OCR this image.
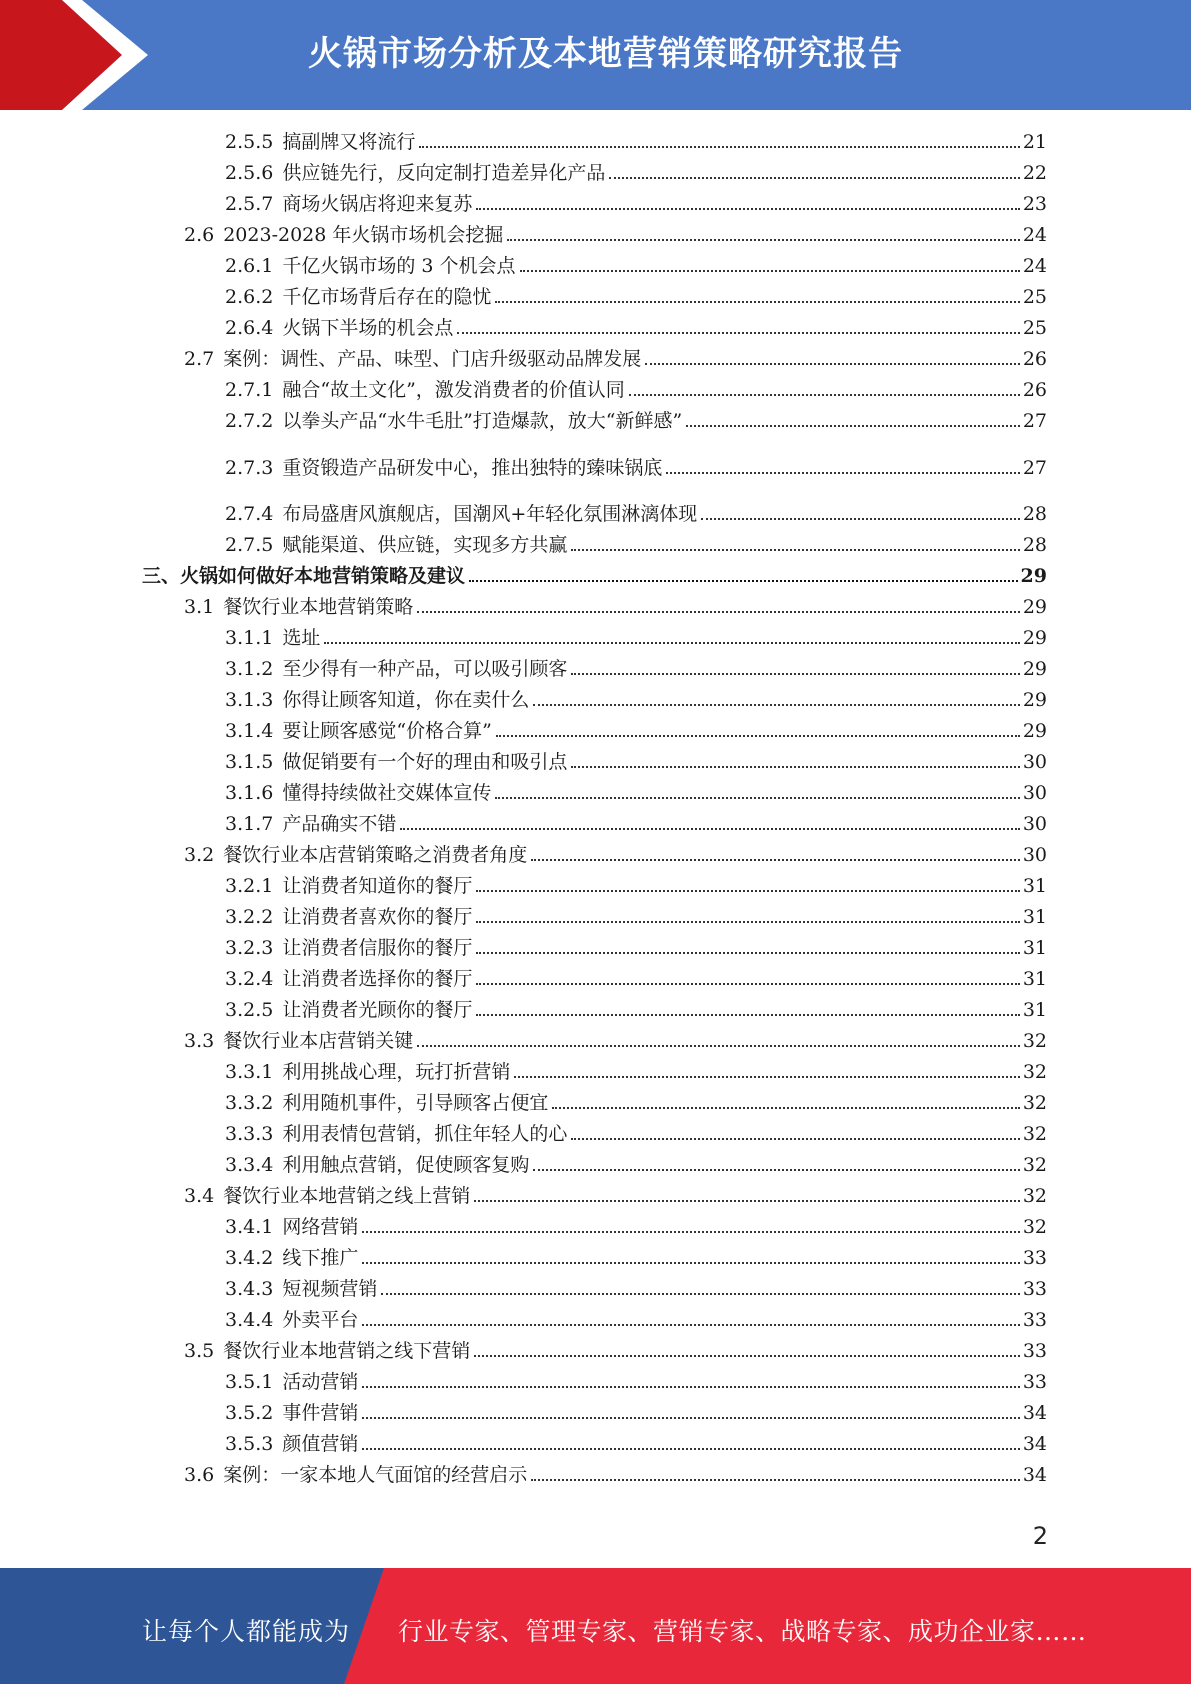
火锅市场分析及本地营销策略研究报告
2.5.5 搞副牌又将流行	21
2.5.6 供应链先行，反向定制打造差异化产品	22
2.5.7 商场火锅店将迎来复苏	23
2.6 2023-2028 年火锅市场机会挖掘	24
2.6.1 千亿火锅市场的 3 个机会点	24
2.6.2 千亿市场背后存在的隐忧	25
2.6.4 火锅下半场的机会点	25
2.7 案例：调性、产品、味型、门店升级驱动品牌发展	26
2.7.1 融合“故土文化”，激发消费者的价值认同	26
2.7.2 以拳头产品“水牛毛肚”打造爆款，放大“新鲜感”	27
2.7.3 重资锻造产品研发中心，推出独特的臻味锅底	27
2.7.4 布局盛唐风旗舰店，国潮风+年轻化氛围淋漓体现	28
2.7.5 赋能渠道、供应链，实现多方共赢	28
三、火锅如何做好本地营销策略及建议	29
3.1 餐饮行业本地营销策略	29
3.1.1 选址	29
3.1.2 至少得有一种产品，可以吸引顾客	29
3.1.3 你得让顾客知道，你在卖什么	29
3.1.4 要让顾客感觉“价格合算”	29
3.1.5 做促销要有一个好的理由和吸引点	30
3.1.6 懂得持续做社交媒体宣传	30
3.1.7 产品确实不错	30
3.2 餐饮行业本店营销策略之消费者角度	30
3.2.1 让消费者知道你的餐厅	31
3.2.2 让消费者喜欢你的餐厅	31
3.2.3 让消费者信服你的餐厅	31
3.2.4 让消费者选择你的餐厅	31
3.2.5 让消费者光顾你的餐厅	31
3.3 餐饮行业本店营销关键	32
3.3.1 利用挑战心理，玩打折营销	32
3.3.2 利用随机事件，引导顾客占便宜	32
3.3.3 利用表情包营销，抓住年轻人的心	32
3.3.4 利用触点营销，促使顾客复购	32
3.4 餐饮行业本地营销之线上营销	32
3.4.1 网络营销	32
3.4.2 线下推广	33
3.4.3 短视频营销	33
3.4.4 外卖平台	33
3.5 餐饮行业本地营销之线下营销	33
3.5.1 活动营销	33
3.5.2 事件营销	34
3.5.3 颜值营销	34
3.6 案例：一家本地人气面馆的经营启示	34
2
让每个人都能成为 行业专家、管理专家、营销专家、战略专家、成功企业家……
